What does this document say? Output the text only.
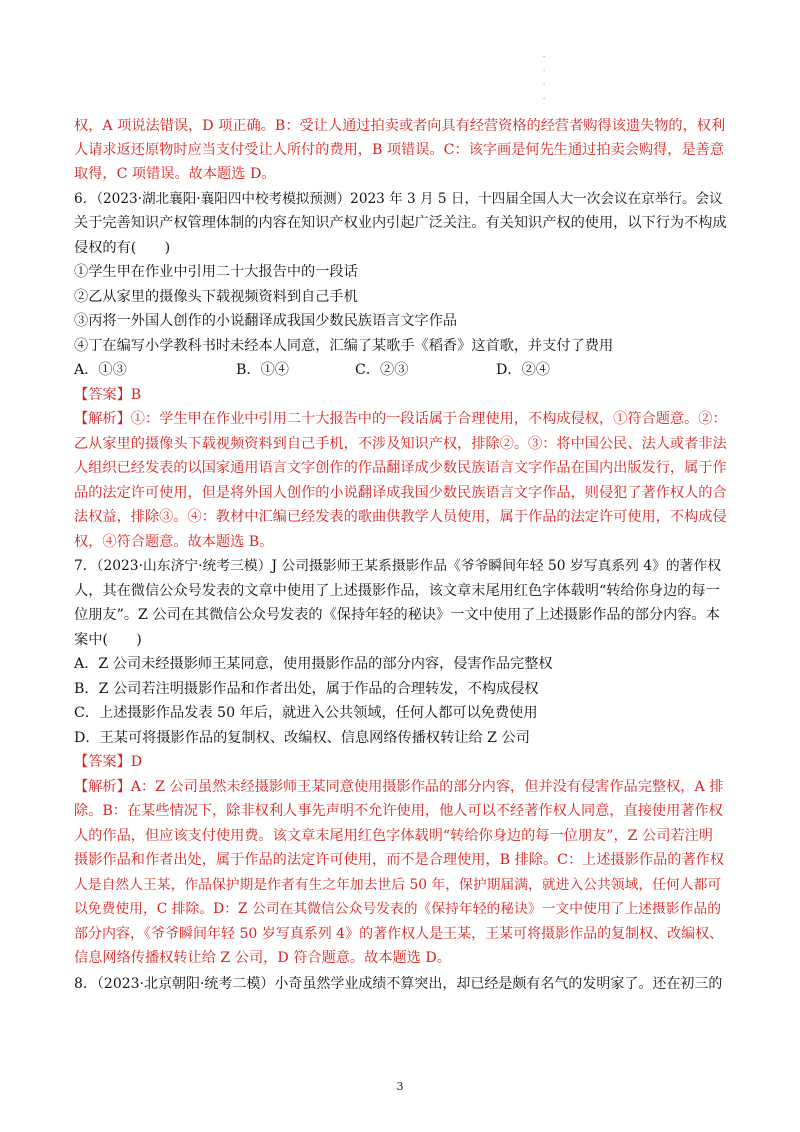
.
.
.
.
权，A 项说法错误，D 项正确。B：受让人通过拍卖或者向具有经营资格的经营者购得该遗失物的，权利
人请求返还原物时应当支付受让人所付的费用，B 项错误。C：该字画是何先生通过拍卖会购得，是善意
取得，C 项错误。故本题选 D。
6．（2023·湖北襄阳·襄阳四中校考模拟预测）2023 年 3 月 5 日，十四届全国人大一次会议在京举行。会议
关于完善知识产权管理体制的内容在知识产权业内引起广泛关注。有关知识产权的使用，以下行为不构成
侵权的有(　　)
①学生甲在作业中引用二十大报告中的一段话
②乙从家里的摄像头下载视频资料到自己手机
③丙将一外国人创作的小说翻译成我国少数民族语言文字作品
④丁在编写小学教科书时未经本人同意，汇编了某歌手《稻香》这首歌，并支付了费用
A．①③	B．①④	C．②③	D．②④
【答案】B
【解析】①：学生甲在作业中引用二十大报告中的一段话属于合理使用，不构成侵权，①符合题意。②：
乙从家里的摄像头下载视频资料到自己手机，不涉及知识产权，排除②。③：将中国公民、法人或者非法
人组织已经发表的以国家通用语言文字创作的作品翻译成少数民族语言文字作品在国内出版发行，属于作
品的法定许可使用，但是将外国人创作的小说翻译成我国少数民族语言文字作品，则侵犯了著作权人的合
法权益，排除③。④：教材中汇编已经发表的歌曲供教学人员使用，属于作品的法定许可使用，不构成侵
权，④符合题意。故本题选 B。
7．（2023·山东济宁·统考三模）J 公司摄影师王某系摄影作品《爷爷瞬间年轻 50 岁写真系列 4》的著作权
人，其在微信公众号发表的文章中使用了上述摄影作品，该文章末尾用红色字体载明“转给你身边的每一
位朋友”。Z 公司在其微信公众号发表的《保持年轻的秘诀》一文中使用了上述摄影作品的部分内容。本
案中(　　)
A．Z 公司未经摄影师王某同意，使用摄影作品的部分内容，侵害作品完整权
B．Z 公司若注明摄影作品和作者出处，属于作品的合理转发，不构成侵权
C．上述摄影作品发表 50 年后，就进入公共领域，任何人都可以免费使用
D．王某可将摄影作品的复制权、改编权、信息网络传播权转让给 Z 公司
【答案】D
【解析】A：Z 公司虽然未经摄影师王某同意使用摄影作品的部分内容，但并没有侵害作品完整权，A 排
除。B：在某些情况下，除非权利人事先声明不允许使用，他人可以不经著作权人同意，直接使用著作权
人的作品，但应该支付使用费。该文章末尾用红色字体载明“转给你身边的每一位朋友”，Z 公司若注明
摄影作品和作者出处，属于作品的法定许可使用，而不是合理使用，B 排除。C：上述摄影作品的著作权
人是自然人王某，作品保护期是作者有生之年加去世后 50 年，保护期届满，就进入公共领域，任何人都可
以免费使用，C 排除。D：Z 公司在其微信公众号发表的《保持年轻的秘诀》一文中使用了上述摄影作品的
部分内容，《爷爷瞬间年轻 50 岁写真系列 4》的著作权人是王某，王某可将摄影作品的复制权、改编权、
信息网络传播权转让给 Z 公司，D 符合题意。故本题选 D。
8．（2023·北京朝阳·统考二模）小奇虽然学业成绩不算突出，却已经是颇有名气的发明家了。还在初三的
3
